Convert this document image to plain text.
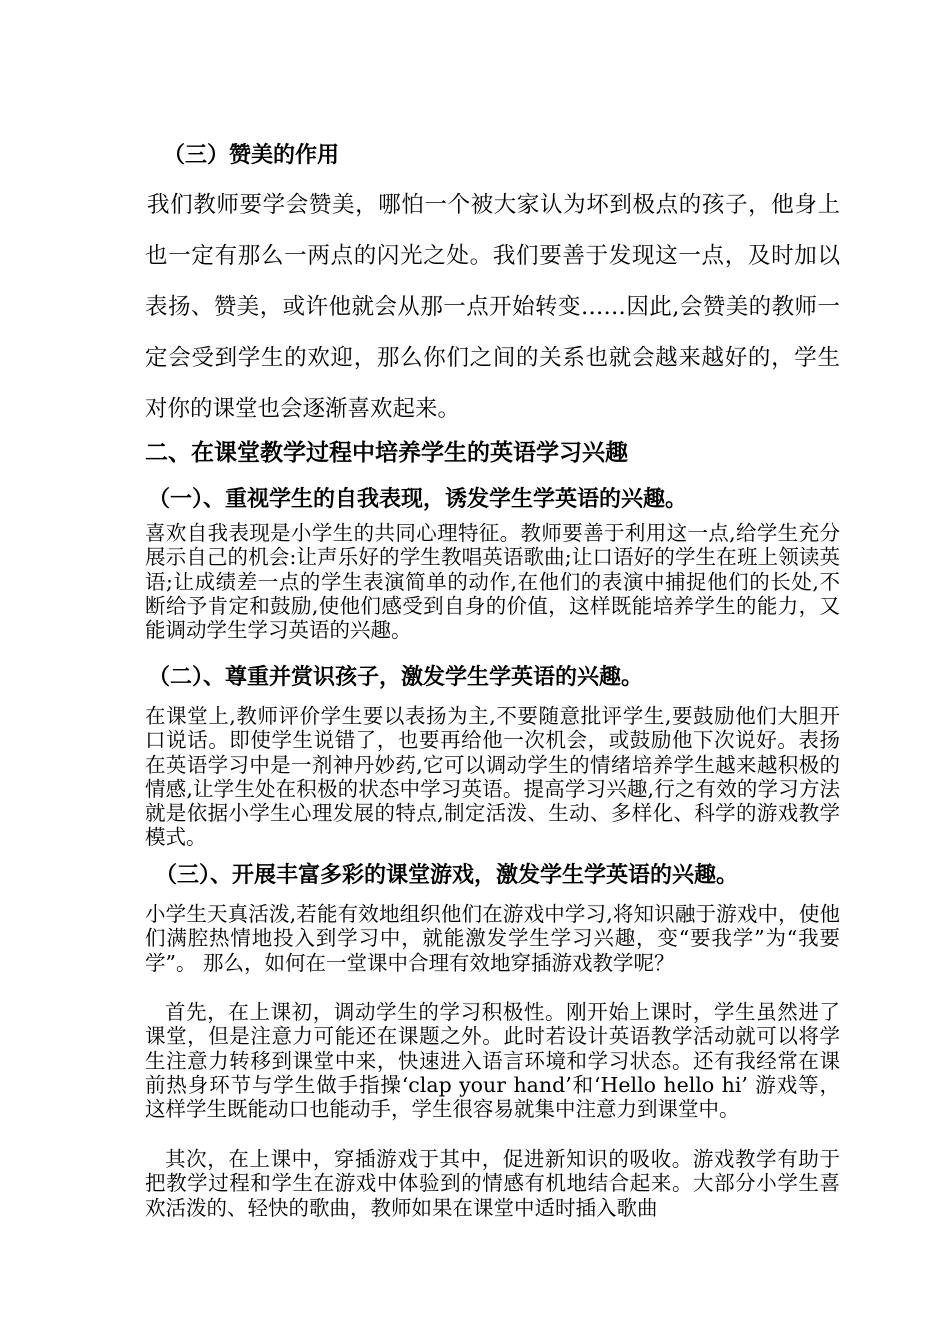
（三）赞美的作用

我们教师要学会赞美，哪怕一个被大家认为坏到极点的孩子，他身上也一定有那么一两点的闪光之处。我们要善于发现这一点，及时加以表扬、赞美，或许他就会从那一点开始转变……因此,会赞美的教师一定会受到学生的欢迎，那么你们之间的关系也就会越来越好的，学生对你的课堂也会逐渐喜欢起来。

二、在课堂教学过程中培养学生的英语学习兴趣

（一）、重视学生的自我表现，诱发学生学英语的兴趣。

喜欢自我表现是小学生的共同心理特征。教师要善于利用这一点,给学生充分展示自己的机会:让声乐好的学生教唱英语歌曲;让口语好的学生在班上领读英语;让成绩差一点的学生表演简单的动作,在他们的表演中捕捉他们的长处,不断给予肯定和鼓励,使他们感受到自身的价值，这样既能培养学生的能力，又能调动学生学习英语的兴趣。

（二）、尊重并赏识孩子，激发学生学英语的兴趣。

在课堂上,教师评价学生要以表扬为主,不要随意批评学生,要鼓励他们大胆开口说话。即使学生说错了，也要再给他一次机会，或鼓励他下次说好。表扬在英语学习中是一剂神丹妙药,它可以调动学生的情绪培养学生越来越积极的情感,让学生处在积极的状态中学习英语。提高学习兴趣,行之有效的学习方法就是依据小学生心理发展的特点,制定活泼、生动、多样化、科学的游戏教学模式。

（三）、开展丰富多彩的课堂游戏，激发学生学英语的兴趣。

小学生天真活泼,若能有效地组织他们在游戏中学习,将知识融于游戏中，使他们满腔热情地投入到学习中，就能激发学生学习兴趣，变“要我学”为“我要学”。 那么，如何在一堂课中合理有效地穿插游戏教学呢？

首先，在上课初，调动学生的学习积极性。刚开始上课时，学生虽然进了课堂，但是注意力可能还在课题之外。此时若设计英语教学活动就可以将学生注意力转移到课堂中来，快速进入语言环境和学习状态。还有我经常在课前热身环节与学生做手指操‘clap your hand’和‘Hello hello hi’ 游戏等，这样学生既能动口也能动手，学生很容易就集中注意力到课堂中。

其次，在上课中，穿插游戏于其中，促进新知识的吸收。游戏教学有助于把教学过程和学生在游戏中体验到的情感有机地结合起来。大部分小学生喜欢活泼的、轻快的歌曲，教师如果在课堂中适时插入歌曲
